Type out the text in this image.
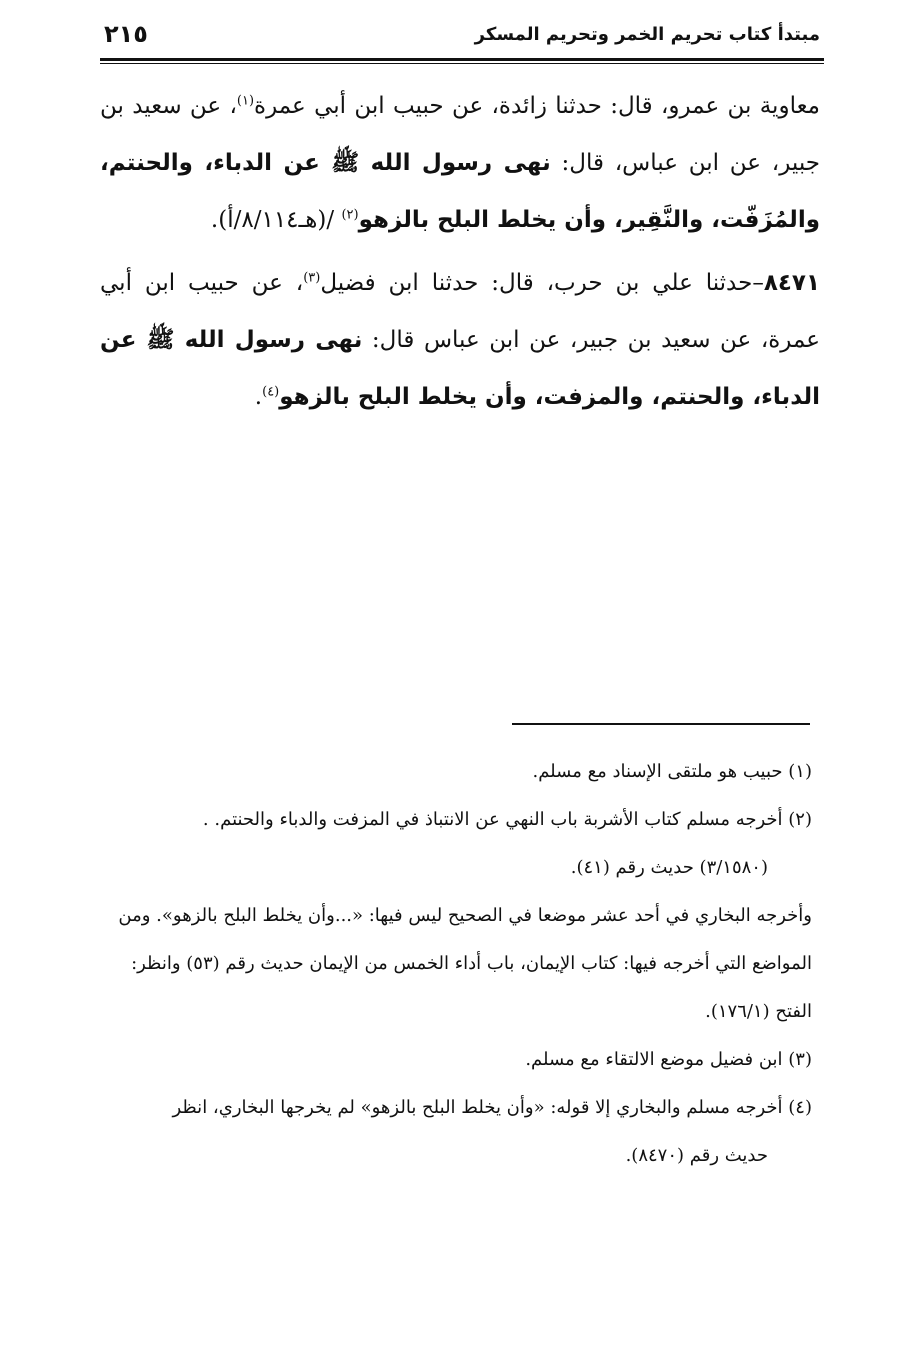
٢١٥	مبتدأ كتاب تحريم الخمر وتحريم المسكر

معاوية بن عمرو، قال: حدثنا زائدة، عن حبيب ابن أبي عمرة$^{(١)}$، عن سعيد بن جبير، عن ابن عباس، قال: نهى رسول الله ﷺ عن الدباء، والحنتم، والمُزَفّت، والنَّقِير، وأن يخلط البلح بالزهو$^{(٢)}$ /(هـ٨/١١٤/أ).

٨٤٧١–حدثنا علي بن حرب، قال: حدثنا ابن فضيل$^{(٣)}$، عن حبيب ابن أبي عمرة، عن سعيد بن جبير، عن ابن عباس قال: نهى رسول الله ﷺ عن الدباء، والحنتم، والمزفت، وأن يخلط البلح بالزهو$^{(٤)}$.

(١) حبيب هو ملتقى الإسناد مع مسلم.

(٢) أخرجه مسلم كتاب الأشربة باب النهي عن الانتباذ في المزفت والدباء والحنتم. .

(٣/١٥٨٠) حديث رقم (٤١).

وأخرجه البخاري في أحد عشر موضعا في الصحيح ليس فيها: «...وأن يخلط البلح بالزهو». ومن المواضع التي أخرجه فيها: كتاب الإيمان، باب أداء الخمس من الإيمان حديث رقم (٥٣) وانظر: الفتح (١٧٦/١).

(٣) ابن فضيل موضع الالتقاء مع مسلم.

(٤) أخرجه مسلم والبخاري إلا قوله: «وأن يخلط البلح بالزهو» لم يخرجها البخاري، انظر

حديث رقم (٨٤٧٠).
